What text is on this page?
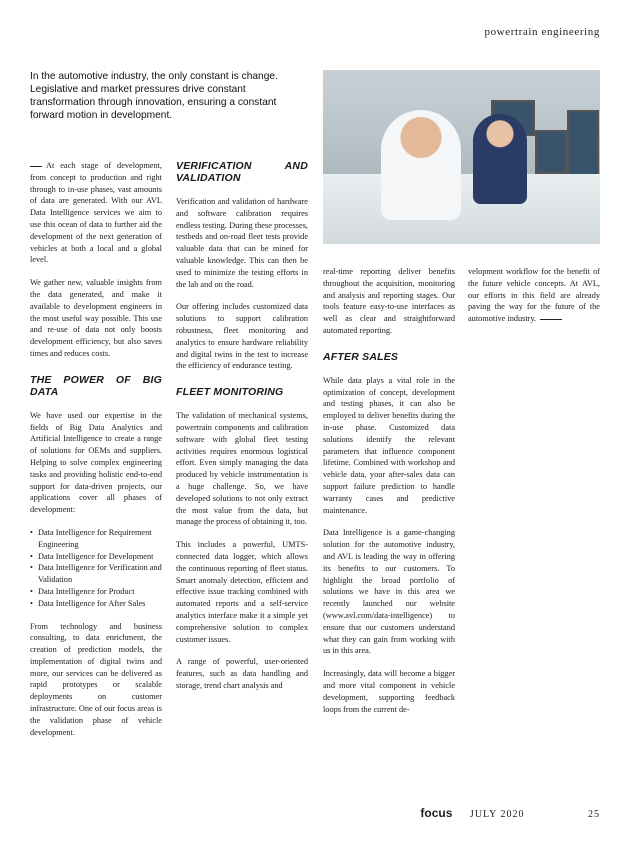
powertrain engineering
In the automotive industry, the only constant is change. Legislative and market pressures drive constant transformation through innovation, ensuring a constant forward motion in development.

At each stage of development, from concept to production and right through to in-use phases, vast amounts of data are generated. With our AVL Data Intelligence services we aim to use this ocean of data to further aid the development of the next generation of vehicles at both a local and a global level.

We gather new, valuable insights from the data generated, and make it available to development engineers in the most useful way possible. This use and re-use of data not only boosts development efficiency, but also saves times and reduces costs.

THE POWER OF BIG DATA

We have used our expertise in the fields of Big Data Analytics and Artificial Intelligence to create a range of solutions for OEMs and suppliers. Helping to solve complex engineering tasks and providing holistic end-to-end support for data-driven projects, our applications cover all phases of development:

• Data Intelligence for Requirement Engineering
• Data Intelligence for Development
• Data Intelligence for Verification and Validation
• Data Intelligence for Product
• Data Intelligence for After Sales

From technology and business consulting, to data enrichment, the creation of prediction models, the implementation of digital twins and more, our services can be delivered as rapid prototypes or scalable deployments on customer infrastructure. One of our focus areas is the validation phase of vehicle development.

VERIFICATION AND VALIDATION

Verification and validation of hardware and software calibration requires endless testing. During these processes, testbeds and on-road fleet tests provide valuable data that can be mined for valuable knowledge. This can then be used to minimize the testing efforts in the lab and on the road.

Our offering includes customized data solutions to support calibration robustness, fleet monitoring and analytics to ensure hardware reliability and digital twins in the test to increase the efficiency of endurance testing.

FLEET MONITORING

The validation of mechanical systems, powertrain components and calibration software with global fleet testing activities requires enormous logistical effort. Even simply managing the data produced by vehicle instrumentation is a huge challenge. So, we have developed solutions to not only extract the most value from the data, but manage the process of obtaining it, too.

This includes a powerful, UMTS-connected data logger, which allows the continuous reporting of fleet status. Smart anomaly detection, efficient and effective issue tracking combined with automated reports and a self-service analytics interface make it a simple yet comprehensive solution to complex customer issues.

A range of powerful, user-oriented features, such as data handling and storage, trend chart analysis and

real-time reporting deliver benefits throughout the acquisition, monitoring and analysis and reporting stages. Our tools feature easy-to-use interfaces as well as clear and straightforward automated reporting.

AFTER SALES

While data plays a vital role in the optimization of concept, development and testing phases, it can also be employed to deliver benefits during the in-use phase. Customized data solutions identify the relevant parameters that influence component lifetime. Combined with workshop and vehicle data, your after-sales data can support failure prediction to handle warranty cases and predictive maintenance.

Data Intelligence is a game-changing solution for the automotive industry, and AVL is leading the way in offering its benefits to our customers. To highlight the broad portfolio of solutions we have in this area we recently launched our website (www.avl.com/data-intelligence) to ensure that our customers understand what they can gain from working with us in this area.

Increasingly, data will become a bigger and more vital component in vehicle development, supporting feedback loops from the current de-

velopment workflow for the benefit of the future vehicle concepts. At AVL, our efforts in this field are already paving the way for the future of the automotive industry.

focus JULY 2020	25
